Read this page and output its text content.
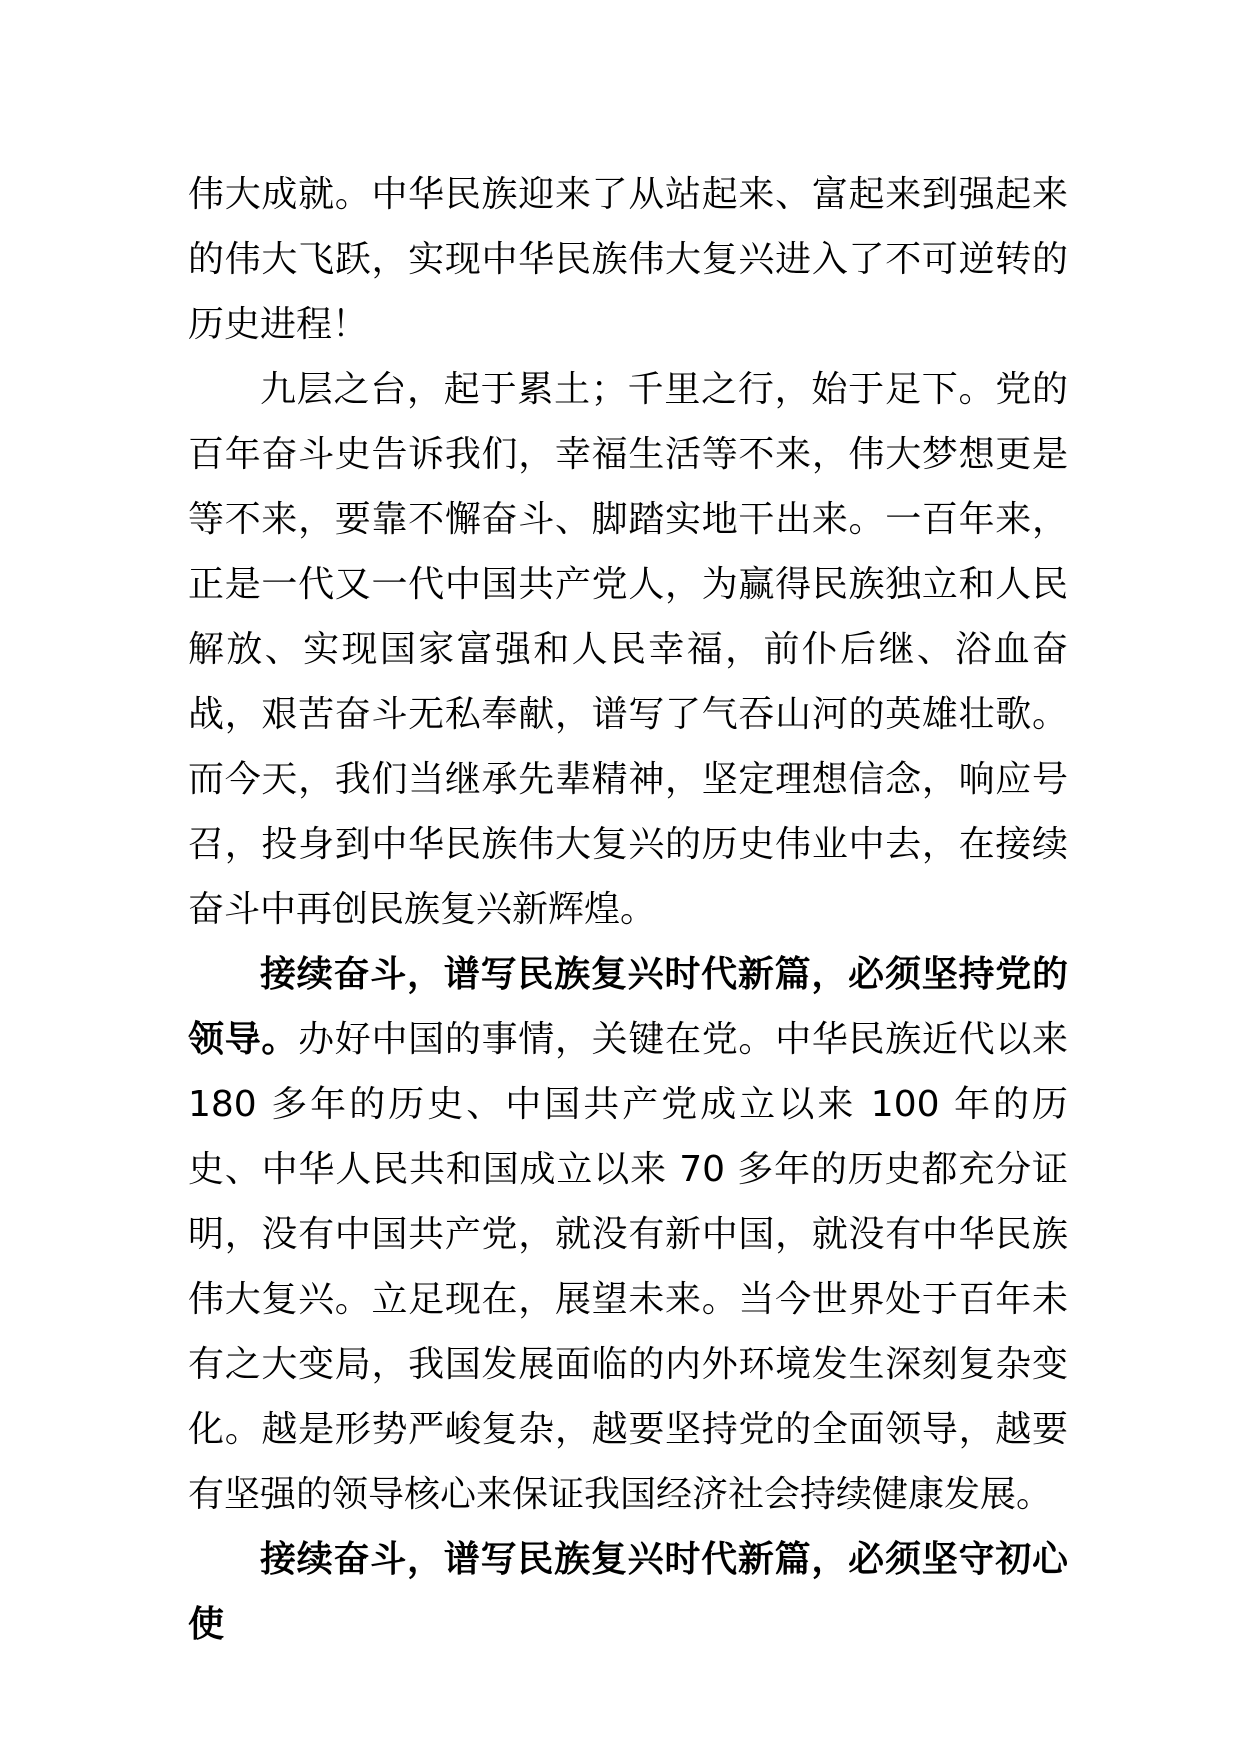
伟大成就。中华民族迎来了从站起来、富起来到强起来的伟大飞跃，实现中华民族伟大复兴进入了不可逆转的历史进程！

九层之台，起于累土；千里之行，始于足下。党的百年奋斗史告诉我们，幸福生活等不来，伟大梦想更是等不来，要靠不懈奋斗、脚踏实地干出来。一百年来，正是一代又一代中国共产党人，为赢得民族独立和人民解放、实现国家富强和人民幸福，前仆后继、浴血奋战，艰苦奋斗无私奉献，谱写了气吞山河的英雄壮歌。而今天，我们当继承先辈精神，坚定理想信念，响应号召，投身到中华民族伟大复兴的历史伟业中去，在接续奋斗中再创民族复兴新辉煌。

接续奋斗，谱写民族复兴时代新篇，必须坚持党的领导。办好中国的事情，关键在党。中华民族近代以来 180 多年的历史、中国共产党成立以来 100 年的历史、中华人民共和国成立以来 70 多年的历史都充分证明，没有中国共产党，就没有新中国，就没有中华民族伟大复兴。立足现在，展望未来。当今世界处于百年未有之大变局，我国发展面临的内外环境发生深刻复杂变化。越是形势严峻复杂，越要坚持党的全面领导，越要有坚强的领导核心来保证我国经济社会持续健康发展。

接续奋斗，谱写民族复兴时代新篇，必须坚守初心使
